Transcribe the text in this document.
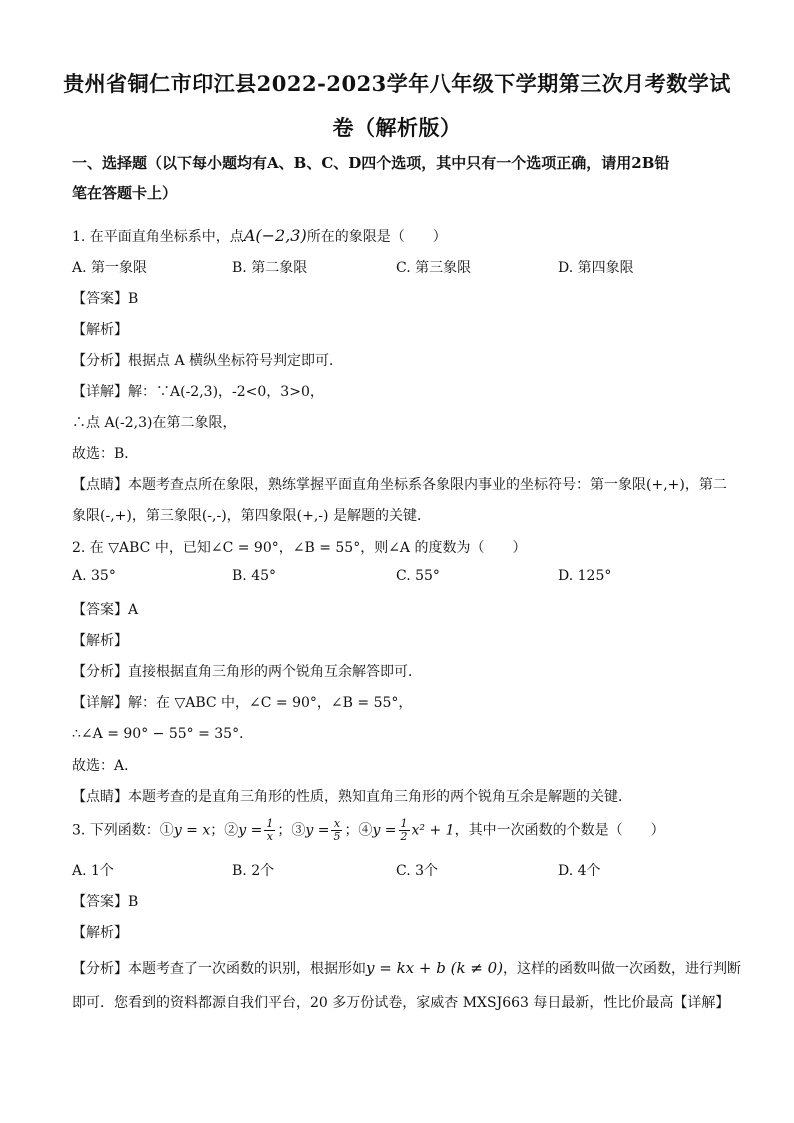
贵州省铜仁市印江县2022-2023学年八年级下学期第三次月考数学试
卷（解析版）
一、选择题（以下每小题均有A、B、C、D四个选项，其中只有一个选项正确，请用2B铅
笔在答题卡上）
1. 在平面直角坐标系中，点A(−2,3)所在的象限是（　　）
A. 第一象限	B. 第二象限	C. 第三象限	D. 第四象限
【答案】B
【解析】
【分析】根据点 A 横纵坐标符号判定即可．
【详解】解：∵A(-2,3)，-2<0，3>0，
∴点 A(-2,3)在第二象限，
故选：B．
【点睛】本题考查点所在象限，熟练掌握平面直角坐标系各象限内事业的坐标符号：第一象限(+,+)，第二
象限(-,+)，第三象限(-,-)，第四象限(+,-) 是解题的关键．
2. 在 ▽ABC 中，已知∠C = 90°，∠B = 55°，则∠A 的度数为（　　）
A. 35°	B. 45°	C. 55°	D. 125°
【答案】A
【解析】
【分析】直接根据直角三角形的两个锐角互余解答即可．
【详解】解：在 ▽ABC 中，∠C = 90°，∠B = 55°，
∴∠A = 90° − 55° = 35°．
故选：A．
【点睛】本题考查的是直角三角形的性质，熟知直角三角形的两个锐角互余是解题的关键．
3. 下列函数：①y = x；②y = $\frac{1}{x}$ ；③y = $\frac{x}{5}$ ；④y = $\frac{1}{2} x^2 + 1$，其中一次函数的个数是（　　）
A. 1个	B. 2个	C. 3个	D. 4个
【答案】B
【解析】
【分析】本题考查了一次函数的识别，根据形如y = kx + b (k ≠ 0)，这样的函数叫做一次函数，进行判断
即可．您看到的资料都源自我们平台，20 多万份试卷，家威杏 MXSJ663 每日最新，性比价最高【详解】
